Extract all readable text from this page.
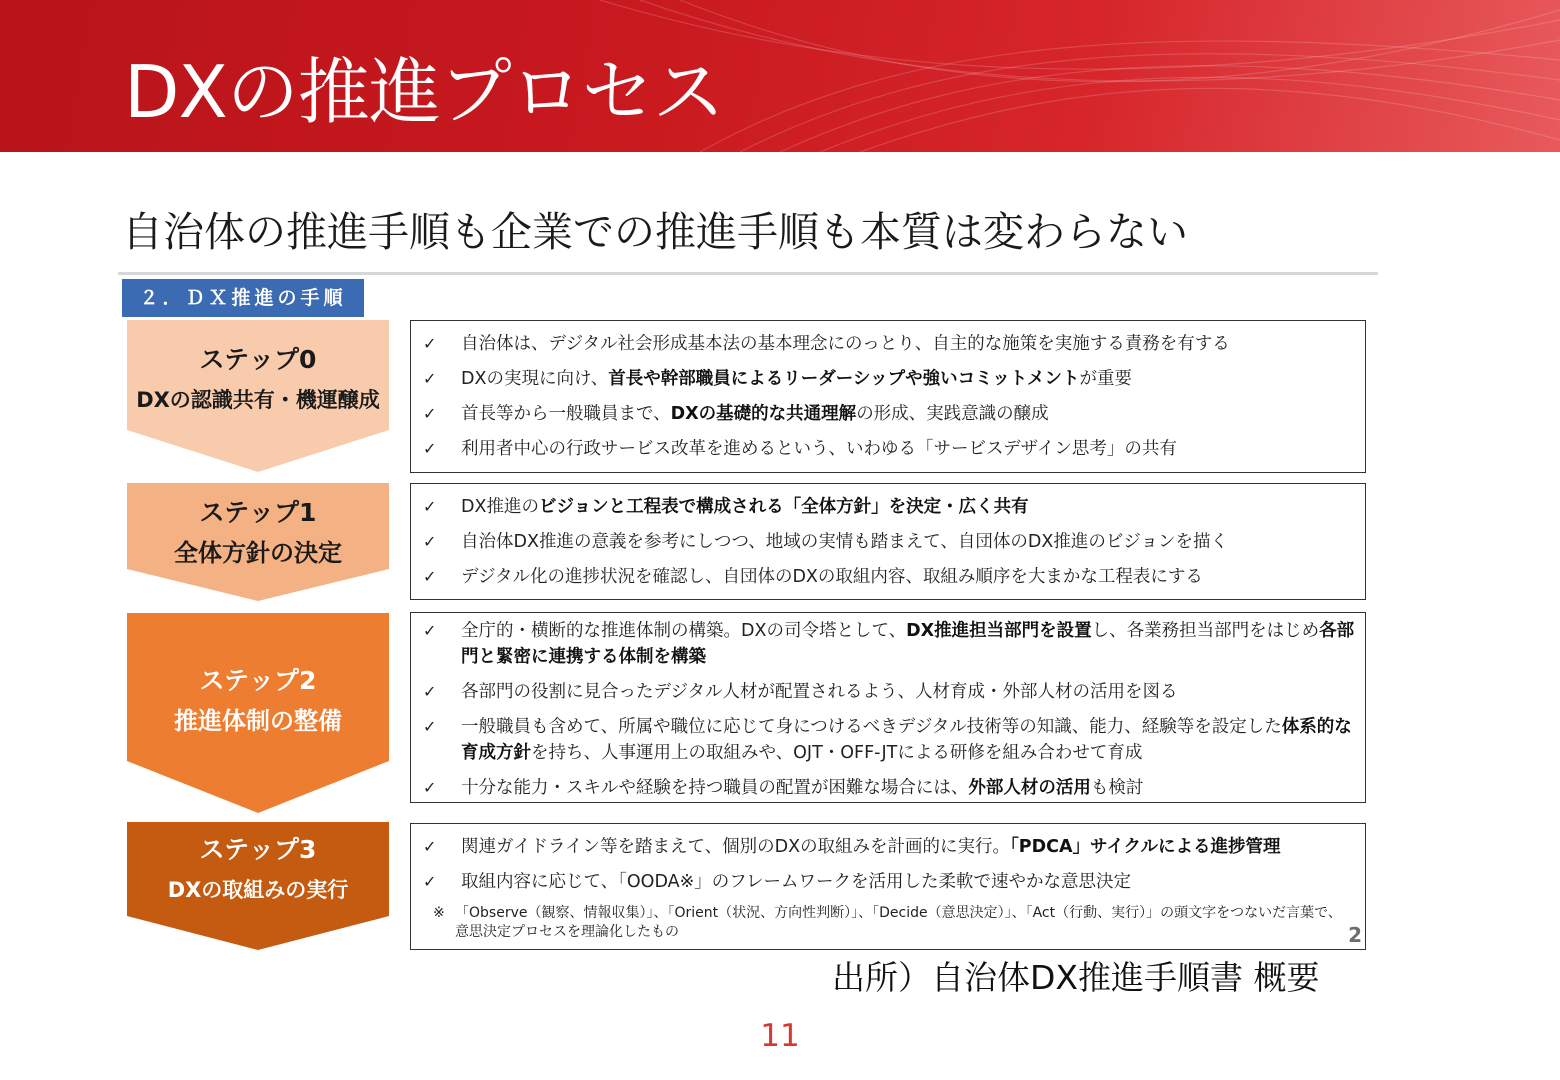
DXの推進プロセス
自治体の推進手順も企業での推進手順も本質は変わらない
２．ＤＸ推進の手順
ステップ0
DXの認識共有・機運醸成
ステップ1
全体方針の決定
ステップ2
推進体制の整備
ステップ3
DXの取組みの実行
✓ 自治体は、デジタル社会形成基本法の基本理念にのっとり、自主的な施策を実施する責務を有する
✓ DXの実現に向け、首長や幹部職員によるリーダーシップや強いコミットメントが重要
✓ 首長等から一般職員まで、DXの基礎的な共通理解の形成、実践意識の醸成
✓ 利用者中心の行政サービス改革を進めるという、いわゆる「サービスデザイン思考」の共有
✓ DX推進のビジョンと工程表で構成される「全体方針」を決定・広く共有
✓ 自治体DX推進の意義を参考にしつつ、地域の実情も踏まえて、自団体のDX推進のビジョンを描く
✓ デジタル化の進捗状況を確認し、自団体のDXの取組内容、取組み順序を大まかな工程表にする
✓ 全庁的・横断的な推進体制の構築。DXの司令塔として、DX推進担当部門を設置し、各業務担当部門をはじめ各部門と緊密に連携する体制を構築
✓ 各部門の役割に見合ったデジタル人材が配置されるよう、人材育成・外部人材の活用を図る
✓ 一般職員も含めて、所属や職位に応じて身につけるべきデジタル技術等の知識、能力、経験等を設定した体系的な育成方針を持ち、人事運用上の取組みや、OJT・OFF-JTによる研修を組み合わせて育成
✓ 十分な能力・スキルや経験を持つ職員の配置が困難な場合には、外部人材の活用も検討
✓ 関連ガイドライン等を踏まえて、個別のDXの取組みを計画的に実行。「PDCA」サイクルによる進捗管理
✓ 取組内容に応じて、「OODA※」のフレームワークを活用した柔軟で速やかな意思決定
※ 「Observe（観察、情報収集）」、「Orient（状況、方向性判断）」、「Decide（意思決定）」、「Act（行動、実行）」の頭文字をつないだ言葉で、意思決定プロセスを理論化したもの	2
出所）自治体DX推進手順書 概要
11
